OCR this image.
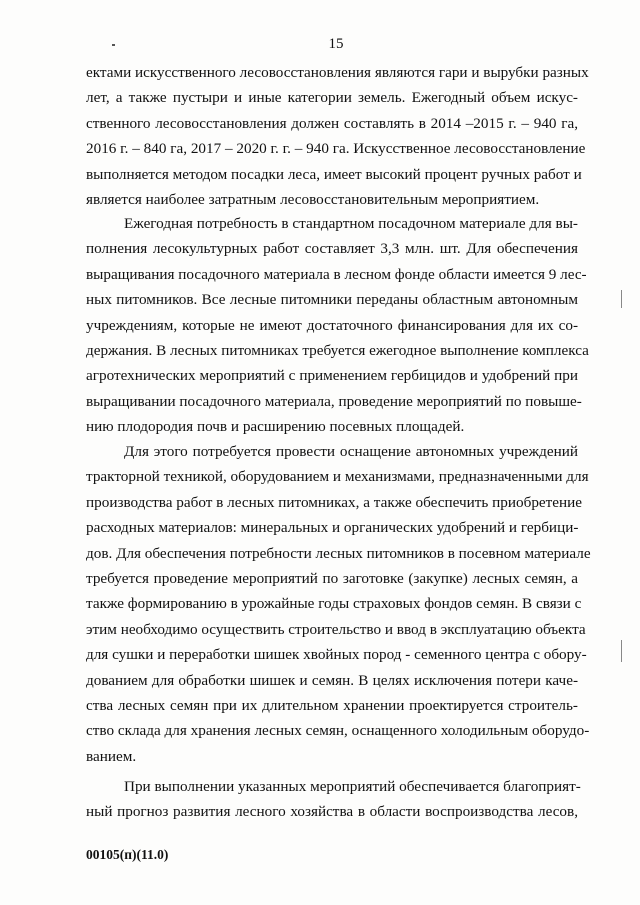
15
ектами искусственного лесовосстановления являются гари и вырубки разных
лет, а также пустыри и иные категории земель. Ежегодный объем искус-
ственного лесовосстановления должен составлять в 2014 –2015 г. – 940 га,
2016 г. – 840 га, 2017 – 2020 г. г. – 940 га. Искусственное лесовосстановление
выполняется методом посадки леса, имеет высокий процент ручных работ и
является наиболее затратным лесовосстановительным мероприятием.
Ежегодная потребность в стандартном посадочном материале для вы-
полнения лесокультурных работ составляет 3,3 млн. шт. Для обеспечения
выращивания посадочного материала в лесном фонде области имеется 9 лес-
ных питомников. Все лесные питомники переданы областным автономным
учреждениям, которые не имеют достаточного финансирования для их со-
держания. В лесных питомниках требуется ежегодное выполнение комплекса
агротехнических мероприятий с применением гербицидов и удобрений при
выращивании посадочного материала, проведение мероприятий по повыше-
нию плодородия почв и расширению посевных площадей.
Для этого потребуется провести оснащение автономных учреждений
тракторной техникой, оборудованием и механизмами, предназначенными для
производства работ в лесных питомниках, а также обеспечить приобретение
расходных материалов: минеральных и органических удобрений и гербици-
дов. Для обеспечения потребности лесных питомников в посевном материале
требуется проведение мероприятий по заготовке (закупке) лесных семян, а
также формированию в урожайные годы страховых фондов семян. В связи с
этим необходимо осуществить строительство и ввод в эксплуатацию объекта
для сушки и переработки шишек хвойных пород - семенного центра с обору-
дованием для обработки шишек и семян. В целях исключения потери каче-
ства лесных семян при их длительном хранении проектируется строитель-
ство склада для хранения лесных семян, оснащенного холодильным оборудо-
ванием.
При выполнении указанных мероприятий обеспечивается благоприят-
ный прогноз развития лесного хозяйства в области воспроизводства лесов,
00105(п)(11.0)
